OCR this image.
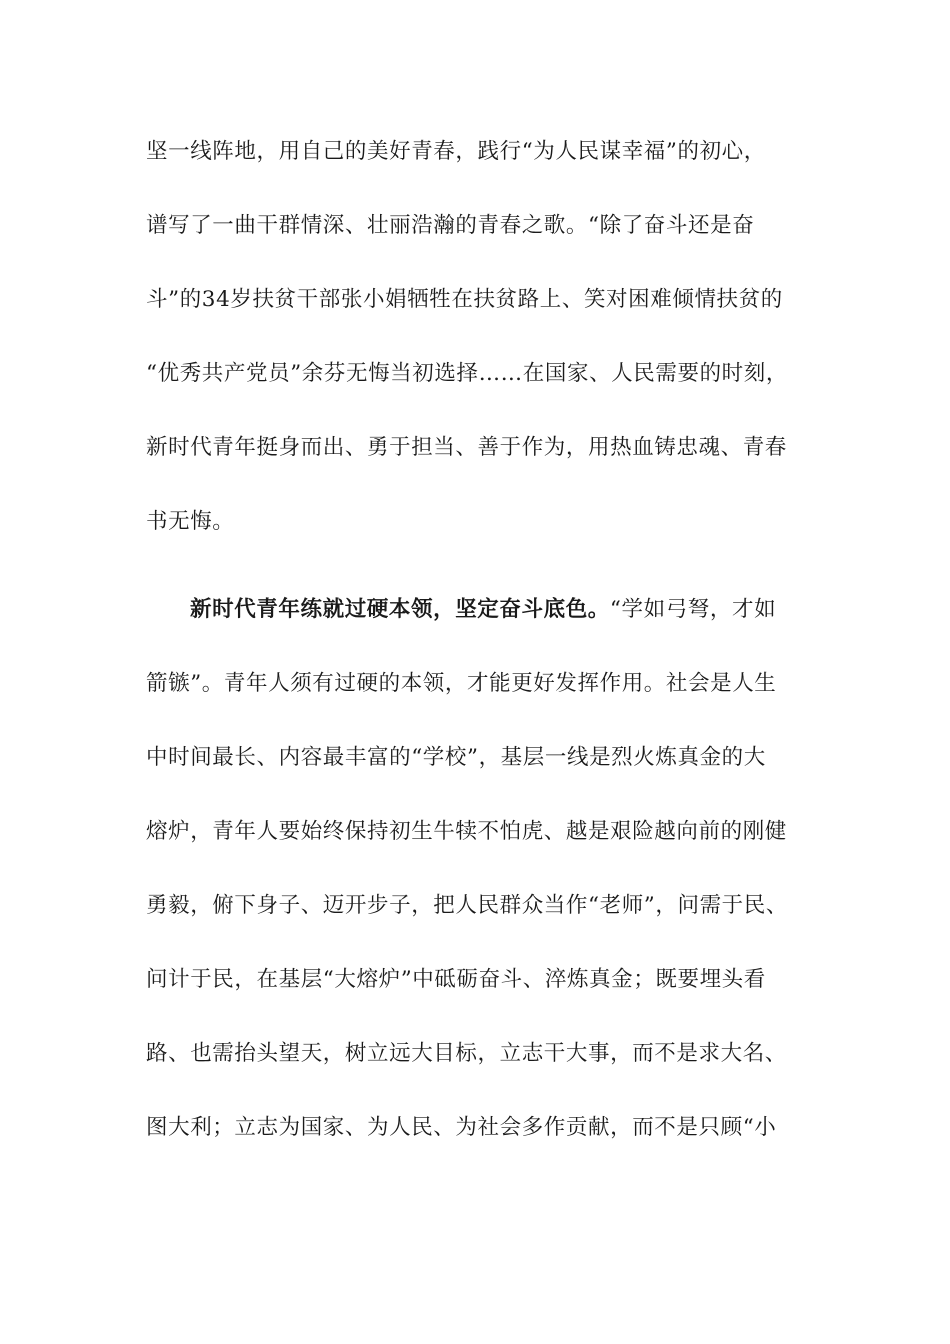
坚一线阵地，用自己的美好青春，践行“为人民谋幸福”的初心，
谱写了一曲干群情深、壮丽浩瀚的青春之歌。“除了奋斗还是奋
斗”的34岁扶贫干部张小娟牺牲在扶贫路上、笑对困难倾情扶贫的
“优秀共产党员”余芬无悔当初选择……在国家、人民需要的时刻，
新时代青年挺身而出、勇于担当、善于作为，用热血铸忠魂、青春
书无悔。
新时代青年练就过硬本领，坚定奋斗底色。“学如弓弩，才如
箭镞”。青年人须有过硬的本领，才能更好发挥作用。社会是人生
中时间最长、内容最丰富的“学校”，基层一线是烈火炼真金的大
熔炉，青年人要始终保持初生牛犊不怕虎、越是艰险越向前的刚健
勇毅，俯下身子、迈开步子，把人民群众当作“老师”，问需于民、
问计于民，在基层“大熔炉”中砥砺奋斗、淬炼真金；既要埋头看
路、也需抬头望天，树立远大目标，立志干大事，而不是求大名、
图大利；立志为国家、为人民、为社会多作贡献，而不是只顾“小
